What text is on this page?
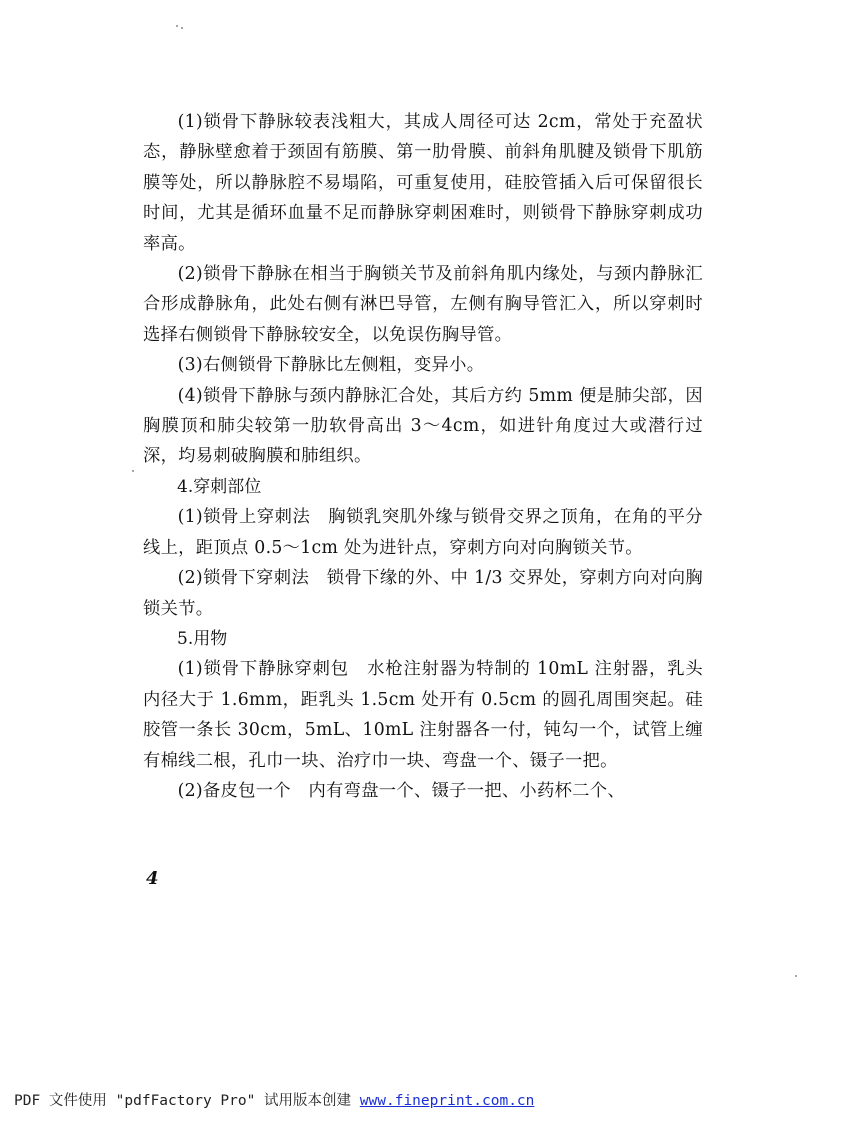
(1)锁骨下静脉较表浅粗大，其成人周径可达 2cm，常处于充盈状态，静脉壁愈着于颈固有筋膜、第一肋骨膜、前斜角肌腱及锁骨下肌筋膜等处，所以静脉腔不易塌陷，可重复使用，硅胶管插入后可保留很长时间，尤其是循环血量不足而静脉穿刺困难时，则锁骨下静脉穿刺成功率高。

(2)锁骨下静脉在相当于胸锁关节及前斜角肌内缘处，与颈内静脉汇合形成静脉角，此处右侧有淋巴导管，左侧有胸导管汇入，所以穿刺时选择右侧锁骨下静脉较安全，以免误伤胸导管。

(3)右侧锁骨下静脉比左侧粗，变异小。

(4)锁骨下静脉与颈内静脉汇合处，其后方约 5mm 便是肺尖部，因胸膜顶和肺尖较第一肋软骨高出 3～4cm，如进针角度过大或潜行过深，均易刺破胸膜和肺组织。

4.穿刺部位

(1)锁骨上穿刺法　胸锁乳突肌外缘与锁骨交界之顶角，在角的平分线上，距顶点 0.5～1cm 处为进针点，穿刺方向对向胸锁关节。

(2)锁骨下穿刺法　锁骨下缘的外、中 1/3 交界处，穿刺方向对向胸锁关节。

5.用物

(1)锁骨下静脉穿刺包　水枪注射器为特制的 10mL 注射器，乳头内径大于 1.6mm，距乳头 1.5cm 处开有 0.5cm 的圆孔周围突起。硅胶管一条长 30cm，5mL、10mL 注射器各一付，钝勾一个，试管上缠有棉线二根，孔巾一块、治疗巾一块、弯盘一个、镊子一把。

(2)备皮包一个　内有弯盘一个、镊子一把、小药杯二个、

4
PDF 文件使用 "pdfFactory Pro" 试用版本创建 www.fineprint.com.cn
